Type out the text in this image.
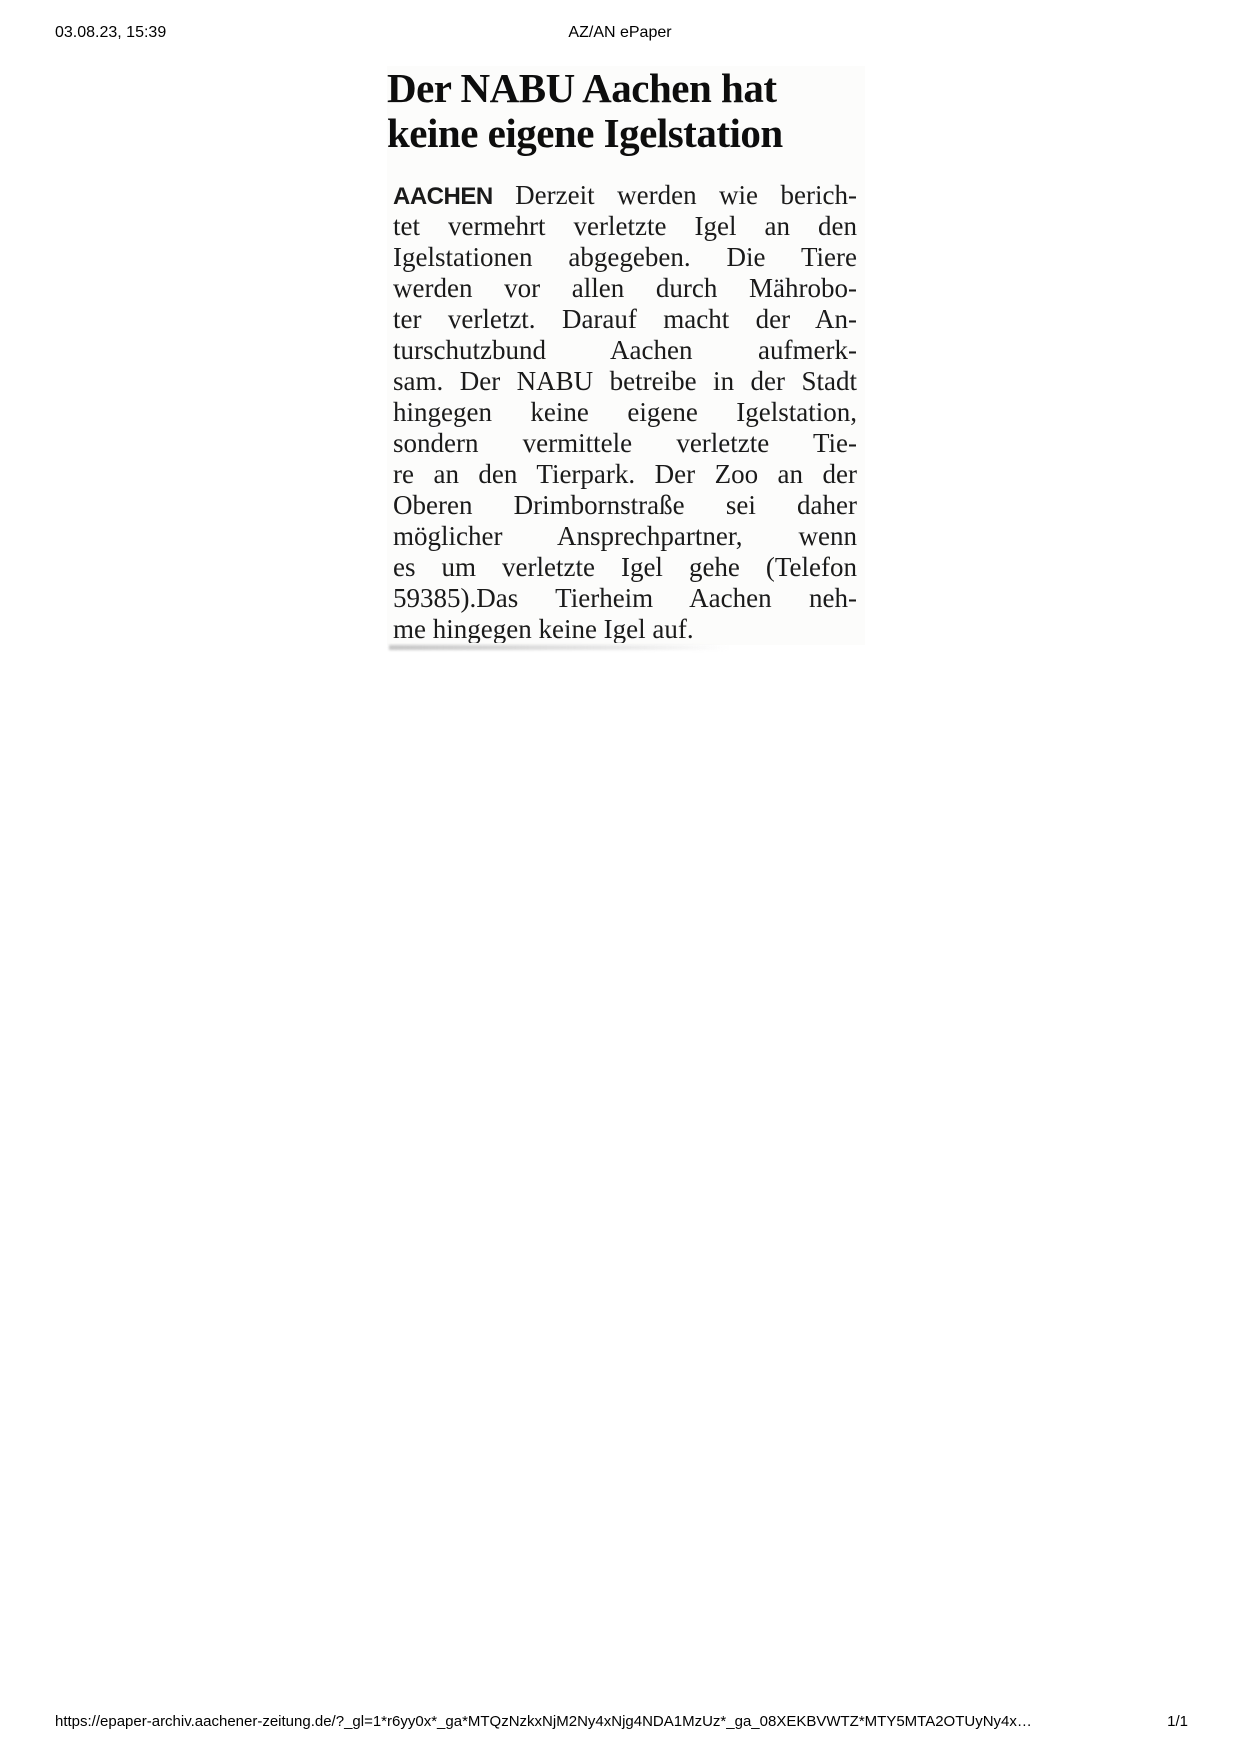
03.08.23, 15:39	AZ/AN ePaper
Der NABU Aachen hat
keine eigene Igelstation
AACHEN Derzeit werden wie berich-
tet vermehrt verletzte Igel an den
Igelstationen abgegeben. Die Tiere
werden vor allen durch Mährobo-
ter verletzt. Darauf macht der An-
turschutzbund Aachen aufmerk-
sam. Der NABU betreibe in der Stadt
hingegen keine eigene Igelstation,
sondern vermittele verletzte Tie-
re an den Tierpark. Der Zoo an der
Oberen Drimbornstraße sei daher
möglicher Ansprechpartner, wenn
es um verletzte Igel gehe (Telefon
59385).Das Tierheim Aachen neh-
me hingegen keine Igel auf.
https://epaper-archiv.aachener-zeitung.de/?_gl=1*r6yy0x*_ga*MTQzNzkxNjM2Ny4xNjg4NDA1MzUz*_ga_08XEKBVWTZ*MTY5MTA2OTUyNy4x…	1/1
